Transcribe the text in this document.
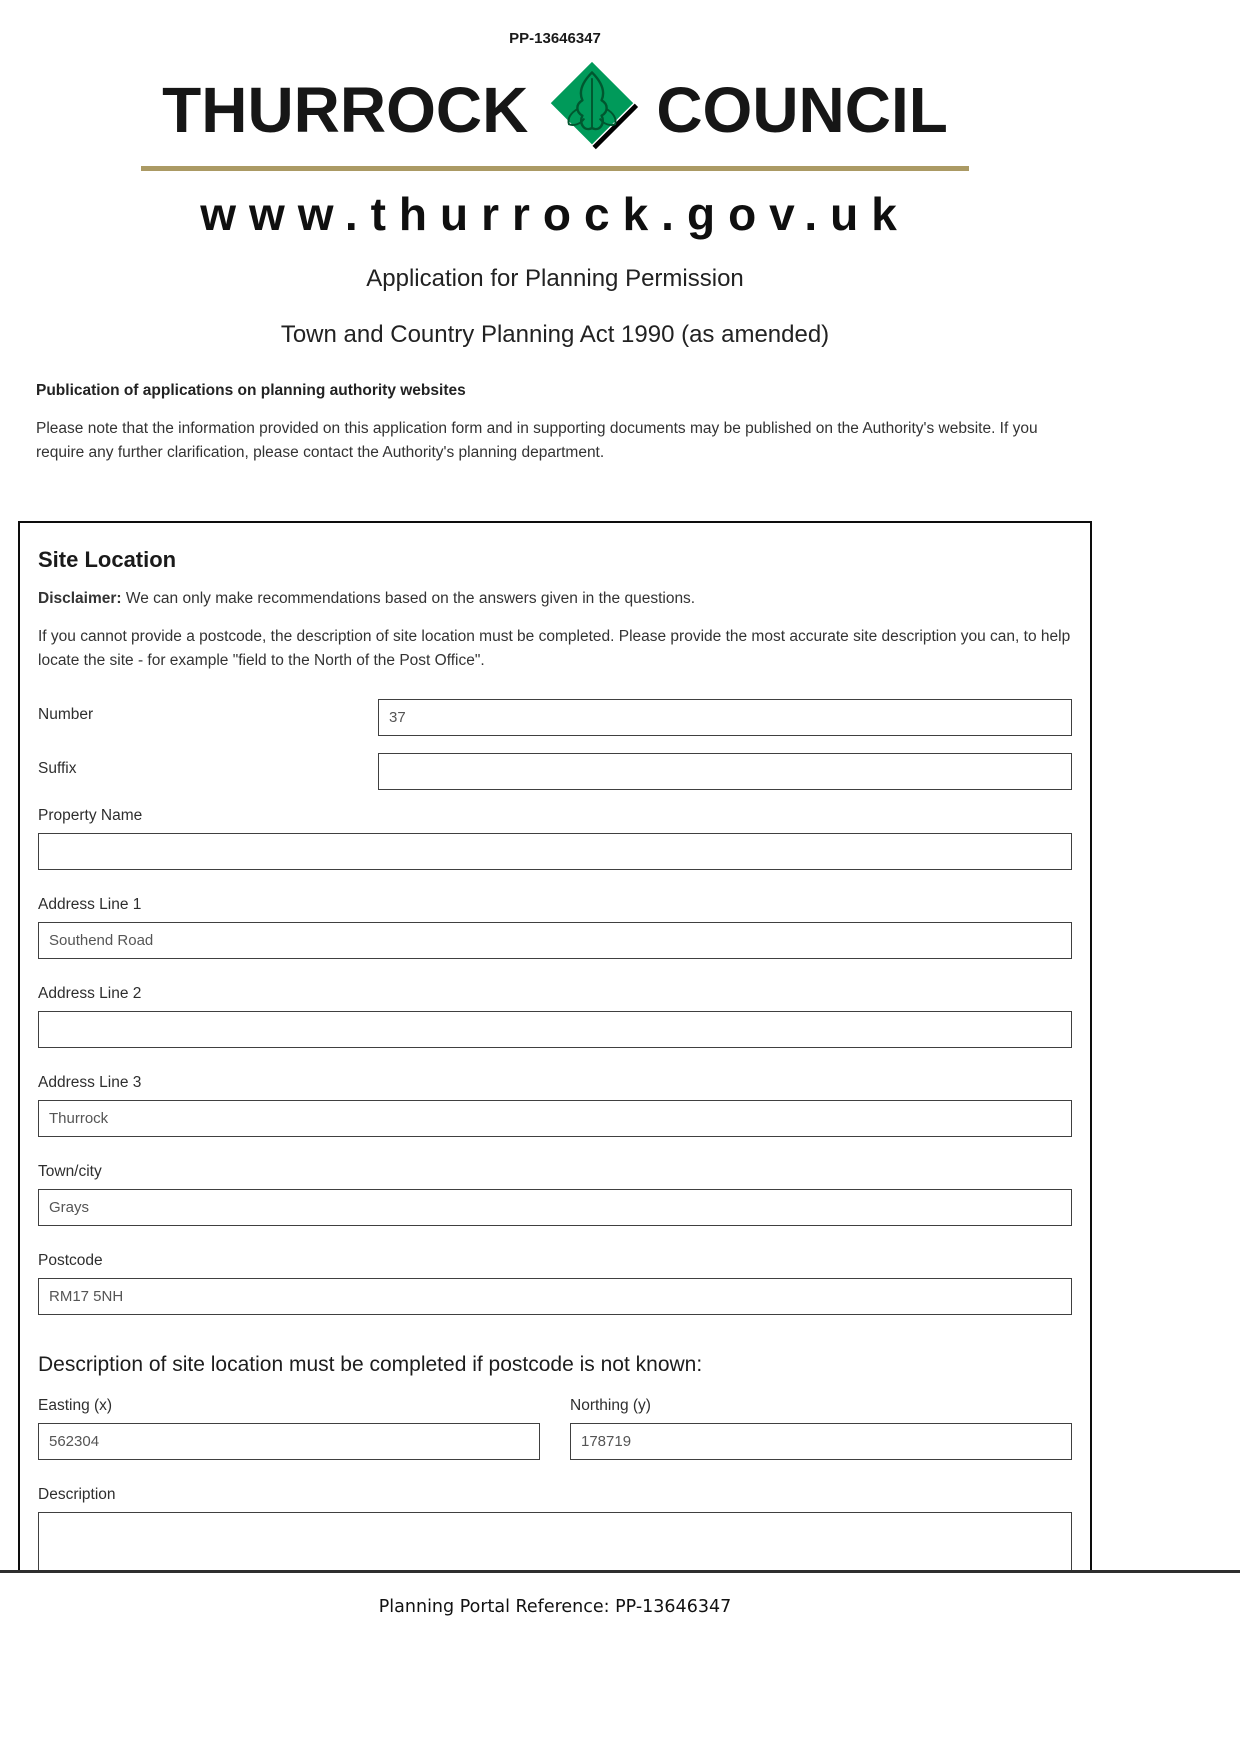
PP-13646347
THURROCK COUNCIL
www.thurrock.gov.uk
Application for Planning Permission
Town and Country Planning Act 1990 (as amended)

Publication of applications on planning authority websites

Please note that the information provided on this application form and in supporting documents may be published on the Authority's website. If you require any further clarification, please contact the Authority's planning department.

Site Location

Disclaimer: We can only make recommendations based on the answers given in the questions.

If you cannot provide a postcode, the description of site location must be completed. Please provide the most accurate site description you can, to help locate the site - for example "field to the North of the Post Office".

Number
37
Suffix
Property Name
Address Line 1
Southend Road
Address Line 2
Address Line 3
Thurrock
Town/city
Grays
Postcode
RM17 5NH
Description of site location must be completed if postcode is not known:
Easting (x)
562304	Northing (y)
178719
Description
Planning Portal Reference: PP-13646347
